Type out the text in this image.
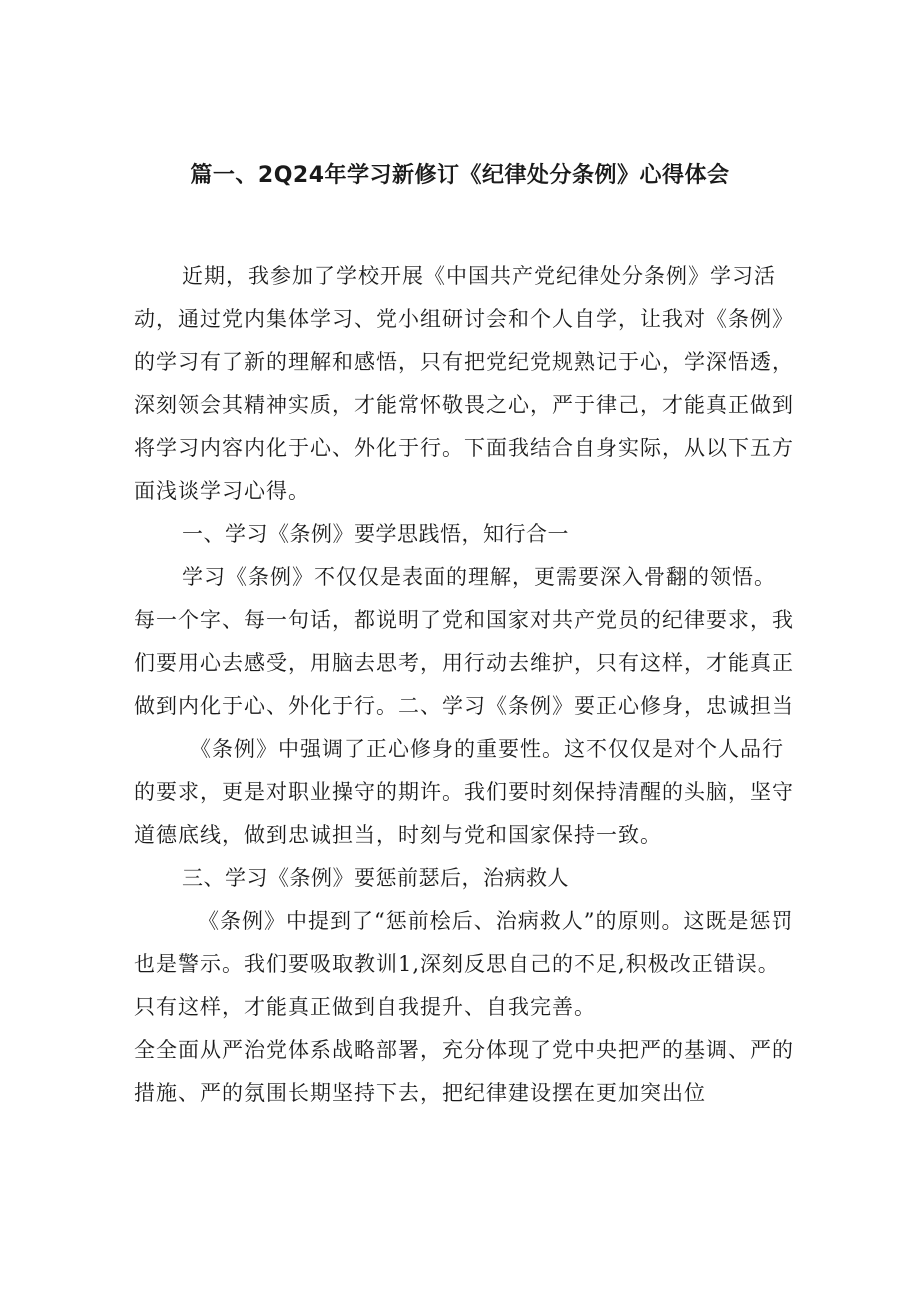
篇一、2Q24年学习新修订《纪律处分条例》心得体会

近期，我参加了学校开展《中国共产党纪律处分条例》学习活动，通过党内集体学习、党小组研讨会和个人自学，让我对《条例》的学习有了新的理解和感悟，只有把党纪党规熟记于心，学深悟透，深刻领会其精神实质，才能常怀敬畏之心，严于律己，才能真正做到将学习内容内化于心、外化于行。下面我结合自身实际，从以下五方面浅谈学习心得。

一、学习《条例》要学思践悟，知行合一

学习《条例》不仅仅是表面的理解，更需要深入骨翻的领悟。每一个字、每一句话，都说明了党和国家对共产党员的纪律要求，我们要用心去感受，用脑去思考，用行动去维护，只有这样，才能真正做到内化于心、外化于行。二、学习《条例》要正心修身，忠诚担当

《条例》中强调了正心修身的重要性。这不仅仅是对个人品行的要求，更是对职业操守的期许。我们要时刻保持清醒的头脑，坚守道德底线，做到忠诚担当，时刻与党和国家保持一致。

三、学习《条例》要惩前瑟后，治病救人

《条例》中提到了“惩前桧后、治病救人”的原则。这既是惩罚也是警示。我们要吸取教训1,深刻反思自己的不足,积极改正错误。只有这样，才能真正做到自我提升、自我完善。

全全面从严治党体系战略部署，充分体现了党中央把严的基调、严的措施、严的氛围长期坚持下去，把纪律建设摆在更加突出位
